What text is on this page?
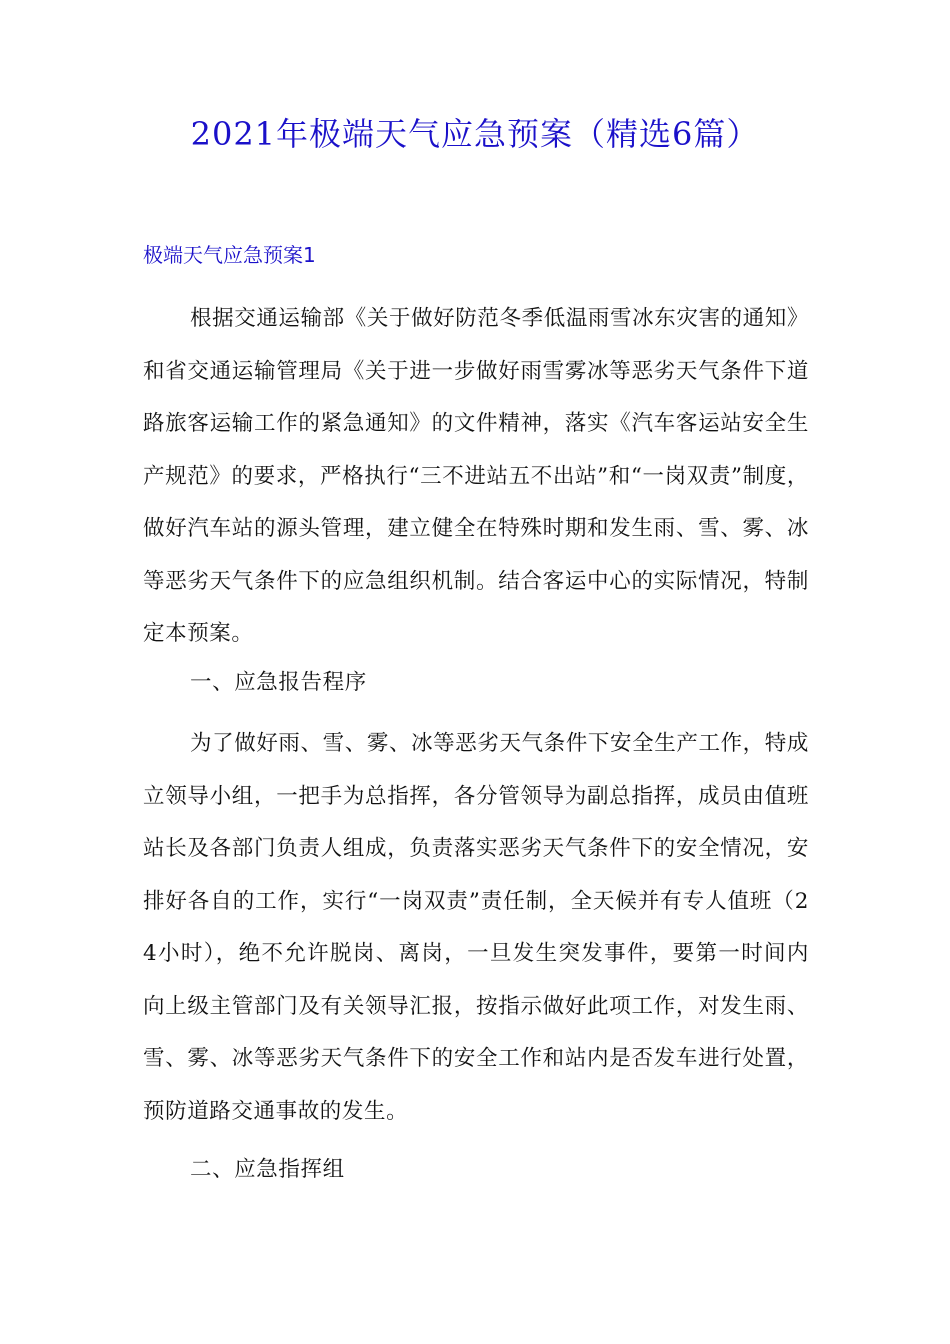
2021年极端天气应急预案（精选6篇）
极端天气应急预案1

根据交通运输部《关于做好防范冬季低温雨雪冰东灾害的通知》和省交通运输管理局《关于进一步做好雨雪雾冰等恶劣天气条件下道路旅客运输工作的紧急通知》的文件精神，落实《汽车客运站安全生产规范》的要求，严格执行“三不进站五不出站”和“一岗双责”制度，做好汽车站的源头管理，建立健全在特殊时期和发生雨、雪、雾、冰等恶劣天气条件下的应急组织机制。结合客运中心的实际情况，特制定本预案。

一、应急报告程序

为了做好雨、雪、雾、冰等恶劣天气条件下安全生产工作，特成立领导小组，一把手为总指挥，各分管领导为副总指挥，成员由值班站长及各部门负责人组成，负责落实恶劣天气条件下的安全情况，安排好各自的工作，实行“一岗双责”责任制，全天候并有专人值班（24小时），绝不允许脱岗、离岗，一旦发生突发事件，要第一时间内向上级主管部门及有关领导汇报，按指示做好此项工作，对发生雨、雪、雾、冰等恶劣天气条件下的安全工作和站内是否发车进行处置，预防道路交通事故的发生。

二、应急指挥组
